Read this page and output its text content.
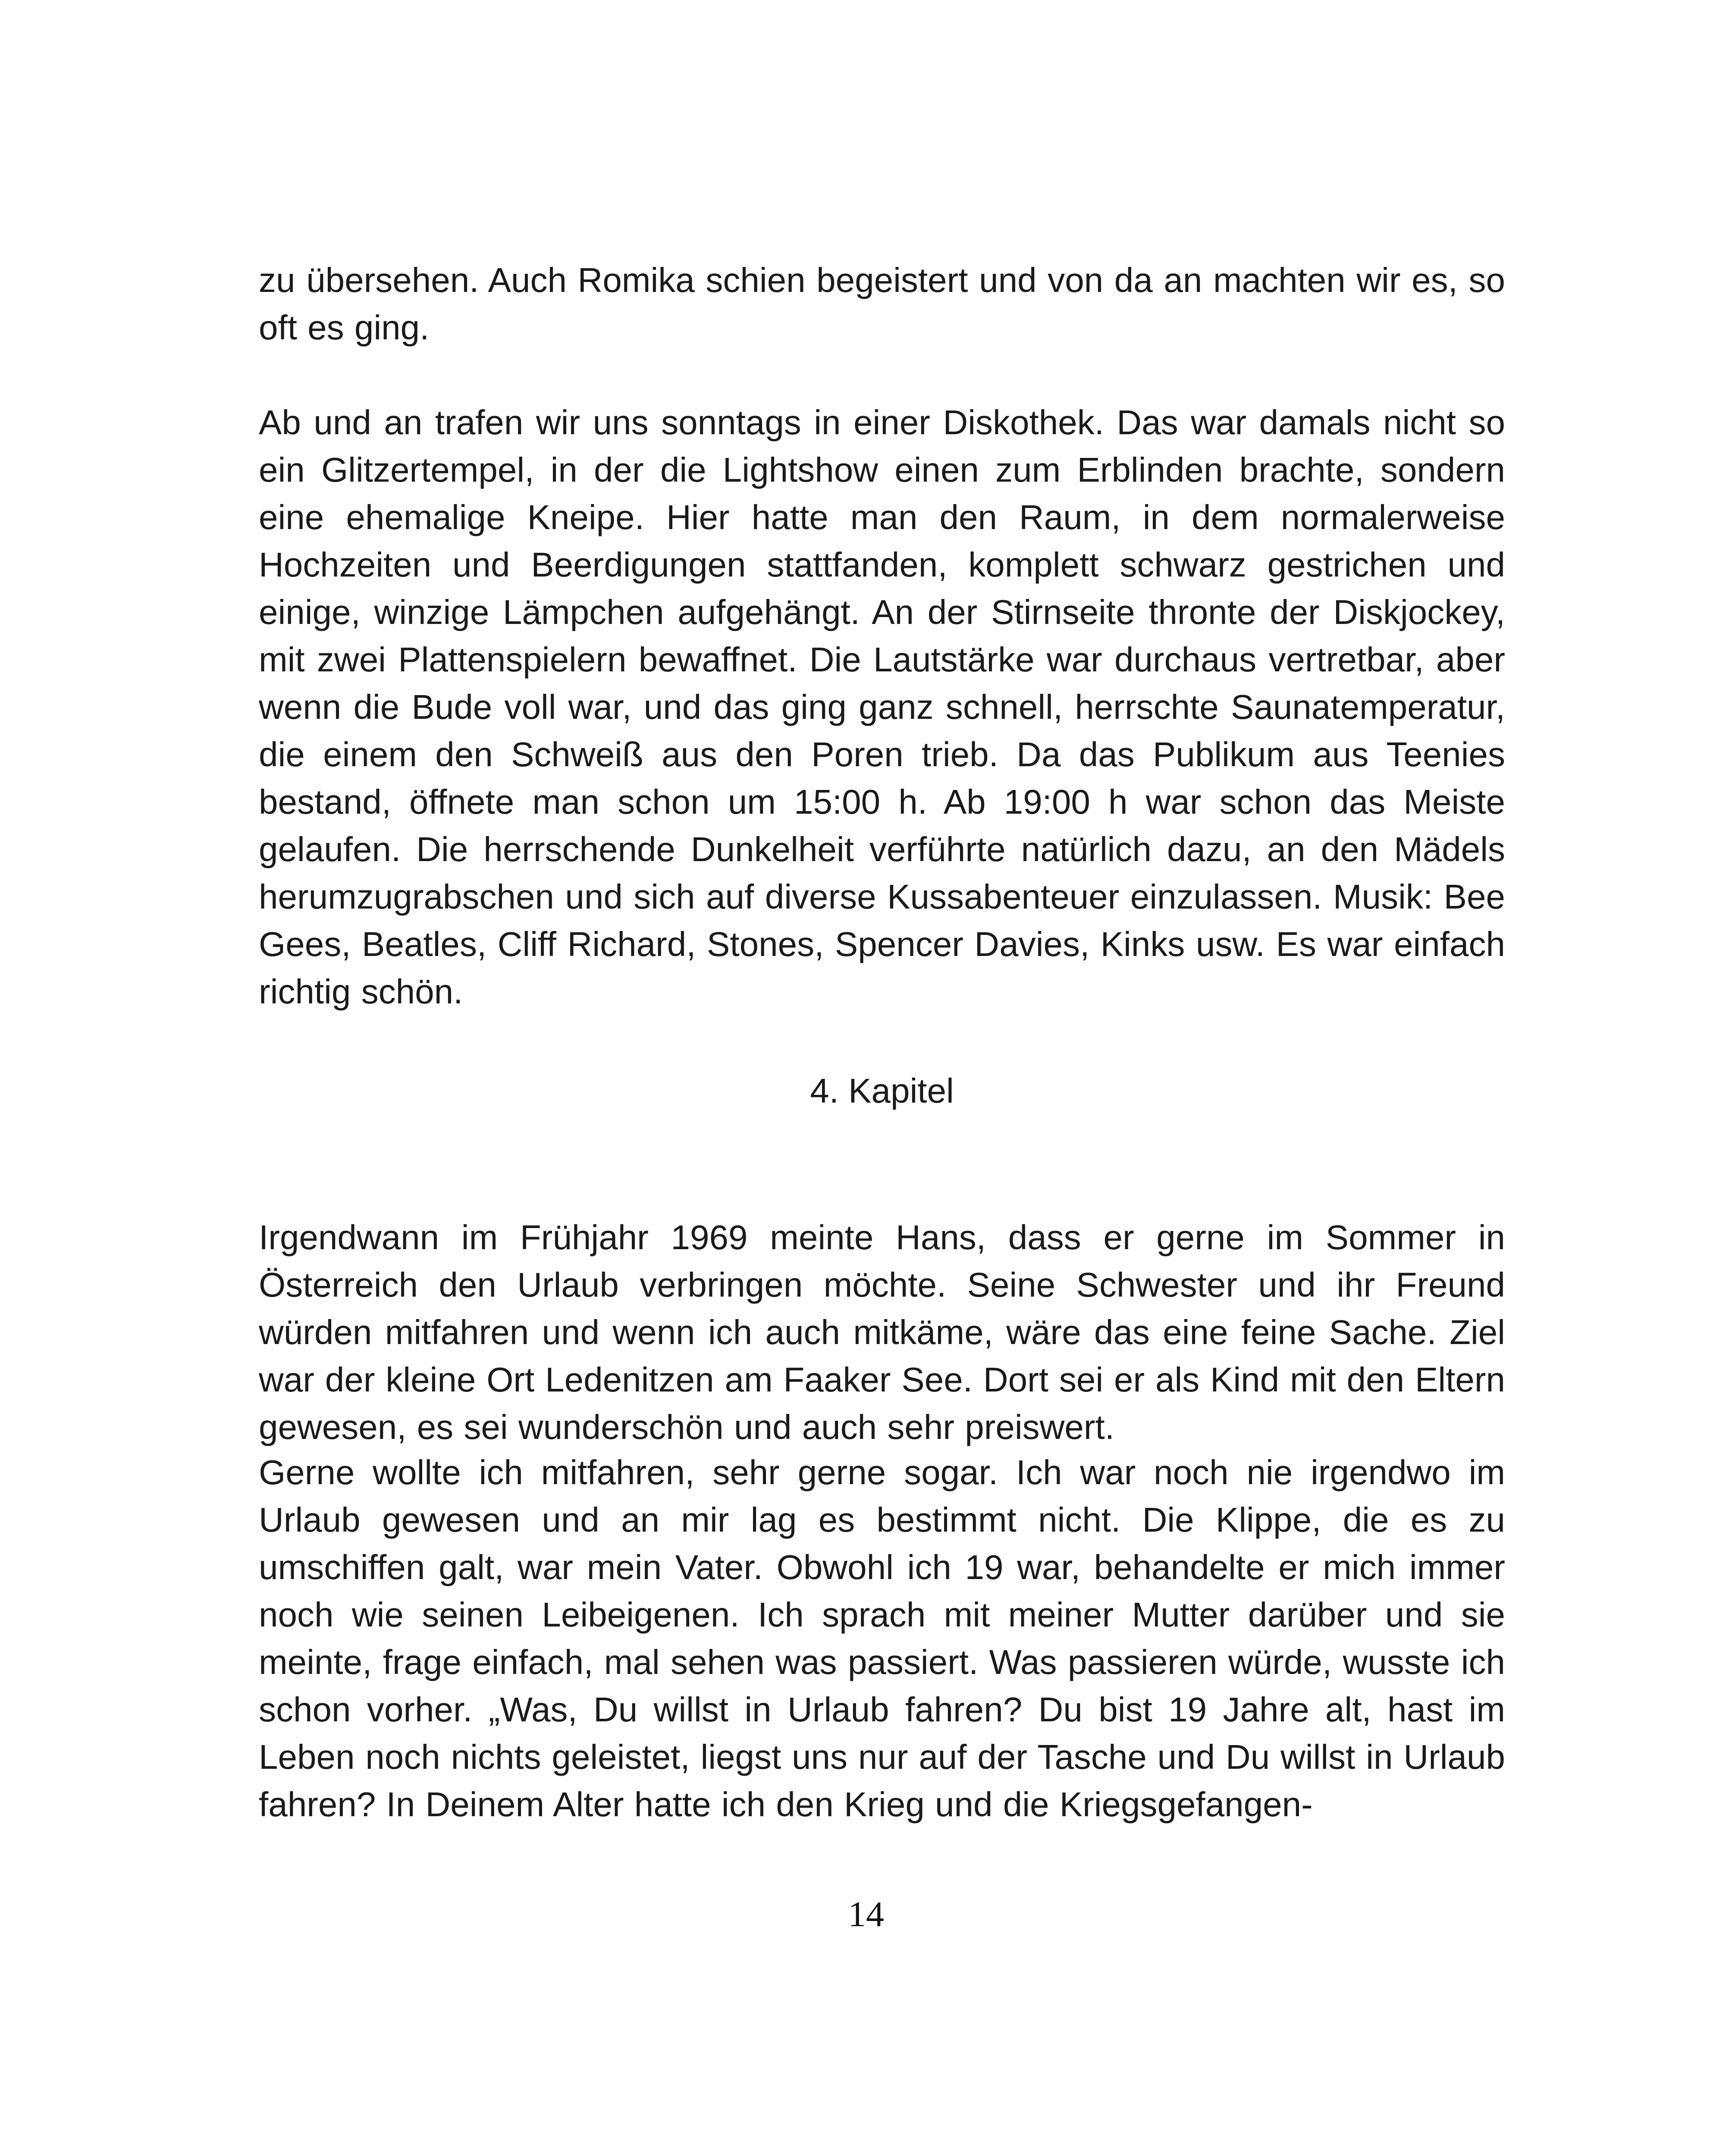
zu übersehen. Auch Romika schien begeistert und von da an machten wir es, so oft es ging.

Ab und an trafen wir uns sonntags in einer Diskothek. Das war damals nicht so ein Glitzertempel, in der die Lightshow einen zum Erblinden brachte, sondern eine ehemalige Kneipe. Hier hatte man den Raum, in dem normalerweise Hochzeiten und Beerdigungen stattfanden, komplett schwarz gestrichen und einige, winzige Lämpchen aufgehängt. An der Stirnseite thronte der Diskjockey, mit zwei Plattenspielern bewaffnet. Die Lautstärke war durchaus vertretbar, aber wenn die Bude voll war, und das ging ganz schnell, herrschte Saunatemperatur, die einem den Schweiß aus den Poren trieb. Da das Publikum aus Teenies bestand, öffnete man schon um 15:00 h. Ab 19:00 h war schon das Meiste gelaufen. Die herrschende Dunkelheit verführte natürlich dazu, an den Mädels herumzugrabschen und sich auf diverse Kussabenteuer einzulassen. Musik: Bee Gees, Beatles, Cliff Richard, Stones, Spencer Davies, Kinks usw. Es war einfach richtig schön.

4. Kapitel

Irgendwann im Frühjahr 1969 meinte Hans, dass er gerne im Sommer in Österreich den Urlaub verbringen möchte. Seine Schwester und ihr Freund würden mitfahren und wenn ich auch mitkäme, wäre das eine feine Sache. Ziel war der kleine Ort Ledenitzen am Faaker See. Dort sei er als Kind mit den Eltern gewesen, es sei wunderschön und auch sehr preiswert.

Gerne wollte ich mitfahren, sehr gerne sogar. Ich war noch nie irgendwo im Urlaub gewesen und an mir lag es bestimmt nicht. Die Klippe, die es zu umschiffen galt, war mein Vater. Obwohl ich 19 war, behandelte er mich immer noch wie seinen Leibeigenen. Ich sprach mit meiner Mutter darüber und sie meinte, frage einfach, mal sehen was passiert. Was passieren würde, wusste ich schon vorher. „Was, Du willst in Urlaub fahren? Du bist 19 Jahre alt, hast im Leben noch nichts geleistet, liegst uns nur auf der Tasche und Du willst in Urlaub fahren? In Deinem Alter hatte ich den Krieg und die Kriegsgefangen-

14
